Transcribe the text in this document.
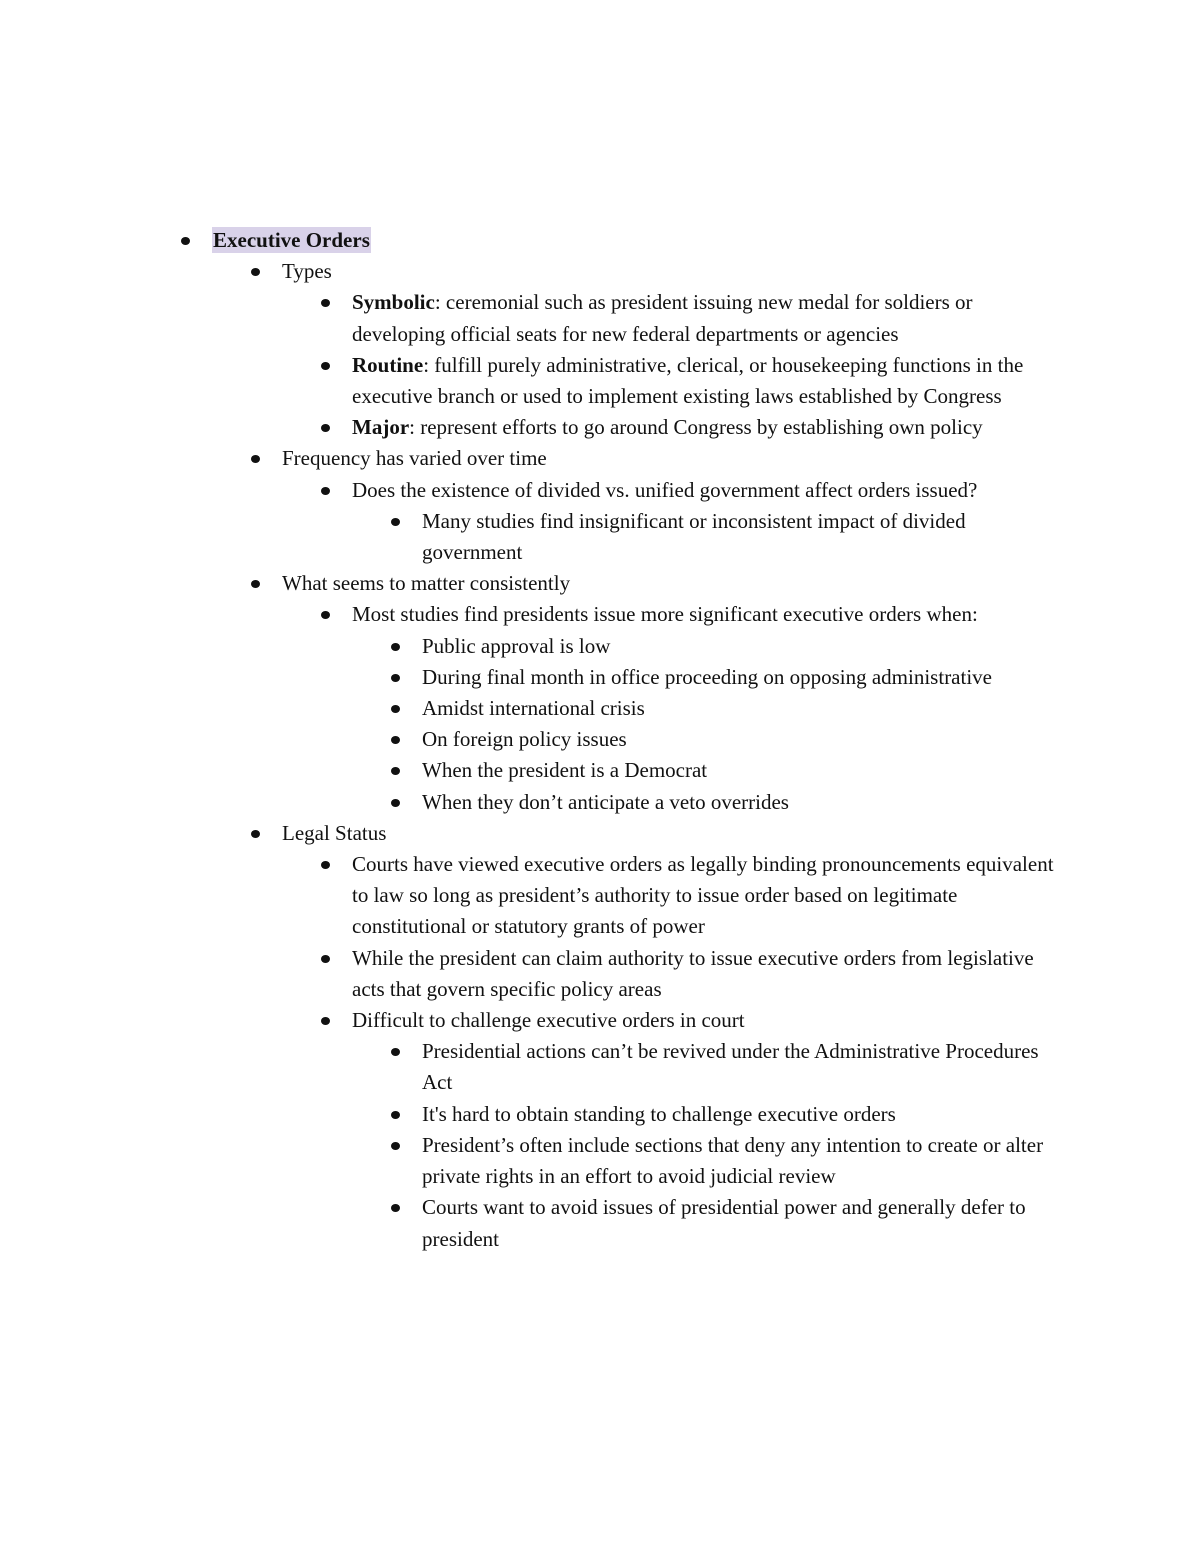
Executive Orders
Types
Symbolic: ceremonial such as president issuing new medal for soldiers or developing official seats for new federal departments or agencies
Routine: fulfill purely administrative, clerical, or housekeeping functions in the executive branch or used to implement existing laws established by Congress
Major: represent efforts to go around Congress by establishing own policy
Frequency has varied over time
Does the existence of divided vs. unified government affect orders issued?
Many studies find insignificant or inconsistent impact of divided government
What seems to matter consistently
Most studies find presidents issue more significant executive orders when:
Public approval is low
During final month in office proceeding on opposing administrative
Amidst international crisis
On foreign policy issues
When the president is a Democrat
When they don’t anticipate a veto overrides
Legal Status
Courts have viewed executive orders as legally binding pronouncements equivalent to law so long as president’s authority to issue order based on legitimate constitutional or statutory grants of power
While the president can claim authority to issue executive orders from legislative acts that govern specific policy areas
Difficult to challenge executive orders in court
Presidential actions can’t be revived under the Administrative Procedures Act
It's hard to obtain standing to challenge executive orders
President’s often include sections that deny any intention to create or alter private rights in an effort to avoid judicial review
Courts want to avoid issues of presidential power and generally defer to president
